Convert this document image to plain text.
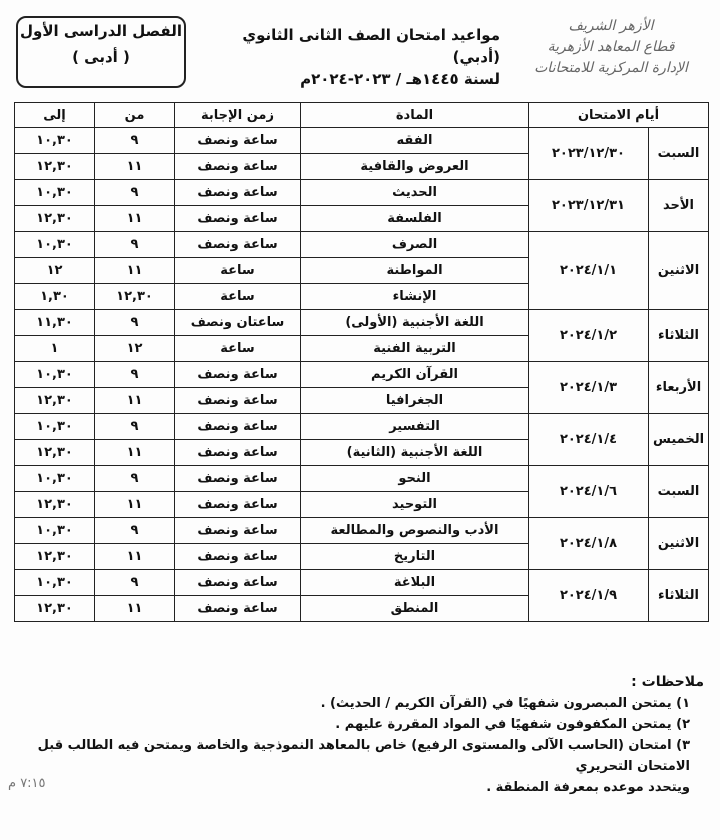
الفصل الدراسى الأول
( أدبى )
مواعيد امتحان الصف الثانى الثانوي (أدبي)
لسنة ١٤٤٥هـ / ٢٠٢٣-٢٠٢٤م
الأزهر الشريف
قطاع المعاهد الأزهرية
الإدارة المركزية للامتحانات
أيام الامتحان		المادة	زمن الإجابة	من	إلى
السبت	٢٠٢٣/١٢/٣٠	الفقه	ساعة ونصف	٩	١٠,٣٠
		العروض والقافية	ساعة ونصف	١١	١٢,٣٠
الأحد	٢٠٢٣/١٢/٣١	الحديث	ساعة ونصف	٩	١٠,٣٠
		الفلسفة	ساعة ونصف	١١	١٢,٣٠
الاثنين	٢٠٢٤/١/١	الصرف	ساعة ونصف	٩	١٠,٣٠
		المواطنة	ساعة	١١	١٢
		الإنشاء	ساعة	١٢,٣٠	١,٣٠
الثلاثاء	٢٠٢٤/١/٢	اللغة الأجنبية (الأولى)	ساعتان ونصف	٩	١١,٣٠
		التربية الفنية	ساعة	١٢	١
الأربعاء	٢٠٢٤/١/٣	القرآن الكريم	ساعة ونصف	٩	١٠,٣٠
		الجغرافيا	ساعة ونصف	١١	١٢,٣٠
الخميس	٢٠٢٤/١/٤	التفسير	ساعة ونصف	٩	١٠,٣٠
		اللغة الأجنبية (الثانية)	ساعة ونصف	١١	١٢,٣٠
السبت	٢٠٢٤/١/٦	النحو	ساعة ونصف	٩	١٠,٣٠
		التوحيد	ساعة ونصف	١١	١٢,٣٠
الاثنين	٢٠٢٤/١/٨	الأدب والنصوص والمطالعة	ساعة ونصف	٩	١٠,٣٠
		التاريخ	ساعة ونصف	١١	١٢,٣٠
الثلاثاء	٢٠٢٤/١/٩	البلاغة	ساعة ونصف	٩	١٠,٣٠
		المنطق	ساعة ونصف	١١	١٢,٣٠
ملاحظات :
١) يمتحن المبصرون شفهيًا في (القرآن الكريم / الحديث) .
٢) يمتحن المكفوفون شفهيًا في المواد المقررة عليهم .
٣) امتحان (الحاسب الآلى والمستوى الرفيع) خاص بالمعاهد النموذجية والخاصة ويمتحن فيه الطالب قبل الامتحان التحريري
ويتحدد موعده بمعرفة المنطقة .
٧:١٥ م
